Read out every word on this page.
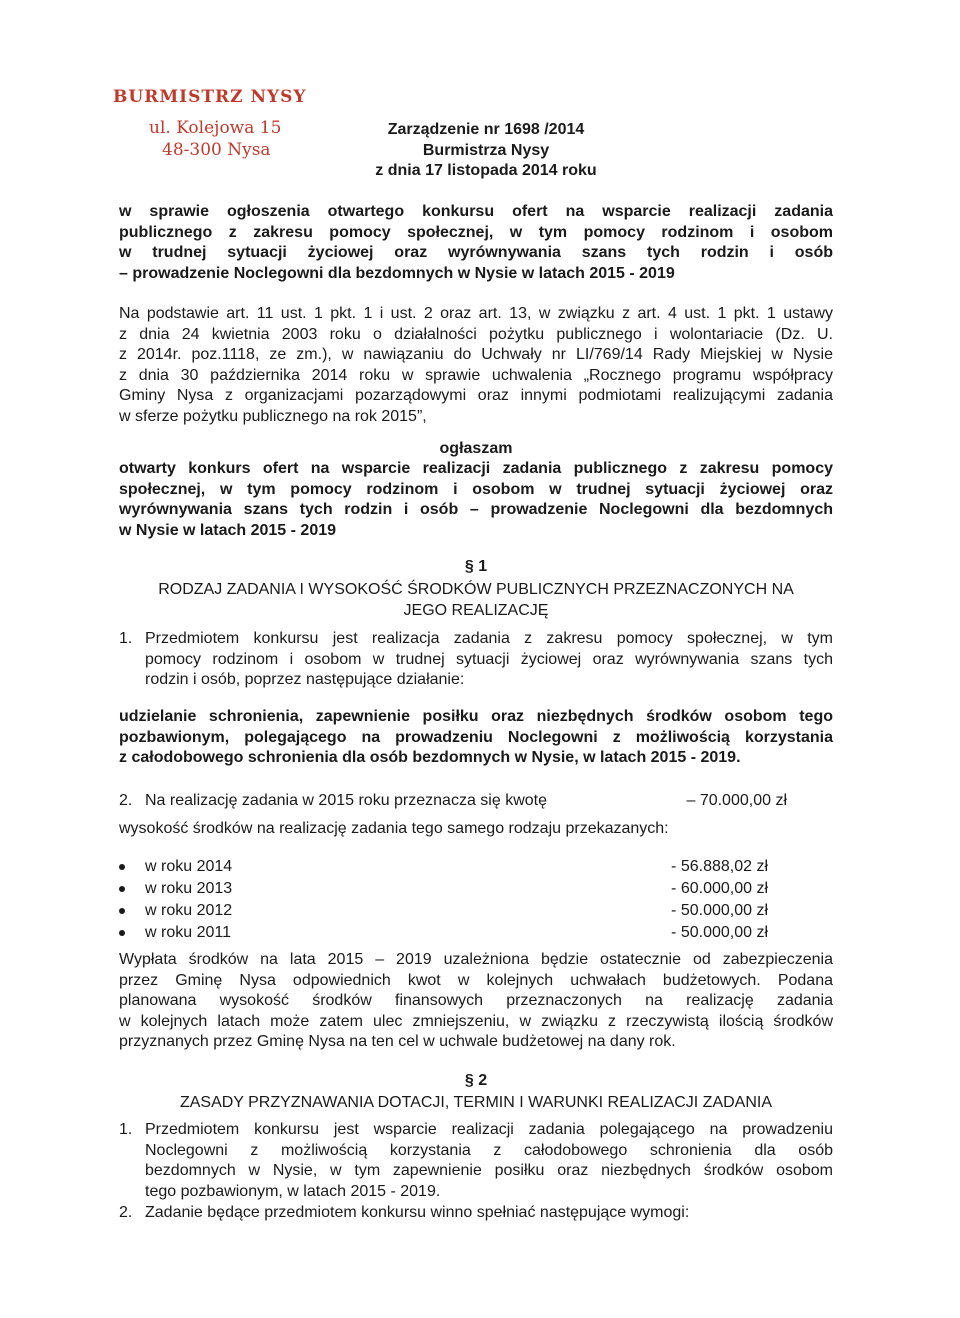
BURMISTRZ NYSY
ul. Kolejowa 15
48-300 Nysa
Zarządzenie nr 1698 /2014
Burmistrza Nysy
z dnia 17 listopada 2014 roku
w sprawie ogłoszenia otwartego konkursu ofert na wsparcie realizacji zadania
publicznego z zakresu pomocy społecznej, w tym pomocy rodzinom i osobom
w trudnej sytuacji życiowej oraz wyrównywania szans tych rodzin i osób
– prowadzenie Noclegowni dla bezdomnych w Nysie w latach 2015 - 2019
Na podstawie art. 11 ust. 1 pkt. 1 i ust. 2 oraz art. 13, w związku z art. 4 ust. 1 pkt. 1 ustawy
z dnia 24 kwietnia 2003 roku o działalności pożytku publicznego i wolontariacie (Dz. U.
z 2014r. poz.1118, ze zm.), w nawiązaniu do Uchwały nr LI/769/14 Rady Miejskiej w Nysie
z dnia 30 października 2014 roku w sprawie uchwalenia „Rocznego programu współpracy
Gminy Nysa z organizacjami pozarządowymi oraz innymi podmiotami realizującymi zadania
w sferze pożytku publicznego na rok 2015”,
ogłaszam
otwarty konkurs ofert na wsparcie realizacji zadania publicznego z zakresu pomocy
społecznej, w tym pomocy rodzinom i osobom w trudnej sytuacji życiowej oraz
wyrównywania szans tych rodzin i osób – prowadzenie Noclegowni dla bezdomnych
w Nysie w latach 2015 - 2019
§ 1
RODZAJ ZADANIA I WYSOKOŚĆ ŚRODKÓW PUBLICZNYCH PRZEZNACZONYCH NA
JEGO REALIZACJĘ
1. Przedmiotem konkursu jest realizacja zadania z zakresu pomocy społecznej, w tym
pomocy rodzinom i osobom w trudnej sytuacji życiowej oraz wyrównywania szans tych
rodzin i osób, poprzez następujące działanie:
udzielanie schronienia, zapewnienie posiłku oraz niezbędnych środków osobom tego
pozbawionym, polegającego na prowadzeniu Noclegowni z możliwością korzystania
z całodobowego schronienia dla osób bezdomnych w Nysie, w latach 2015 - 2019.
2. Na realizację zadania w 2015 roku przeznacza się kwotę	– 70.000,00 zł
wysokość środków na realizację zadania tego samego rodzaju przekazanych:
w roku 2014	- 56.888,02 zł
w roku 2013	- 60.000,00 zł
w roku 2012	- 50.000,00 zł
w roku 2011	- 50.000,00 zł
Wypłata środków na lata 2015 – 2019 uzależniona będzie ostatecznie od zabezpieczenia
przez Gminę Nysa odpowiednich kwot w kolejnych uchwałach budżetowych. Podana
planowana wysokość środków finansowych przeznaczonych na realizację zadania
w kolejnych latach może zatem ulec zmniejszeniu, w związku z rzeczywistą ilością środków
przyznanych przez Gminę Nysa na ten cel w uchwale budżetowej na dany rok.
§ 2
ZASADY PRZYZNAWANIA DOTACJI, TERMIN I WARUNKI REALIZACJI ZADANIA
1. Przedmiotem konkursu jest wsparcie realizacji zadania polegającego na prowadzeniu
Noclegowni z możliwością korzystania z całodobowego schronienia dla osób
bezdomnych w Nysie, w tym zapewnienie posiłku oraz niezbędnych środków osobom
tego pozbawionym, w latach 2015 - 2019.
2. Zadanie będące przedmiotem konkursu winno spełniać następujące wymogi:
